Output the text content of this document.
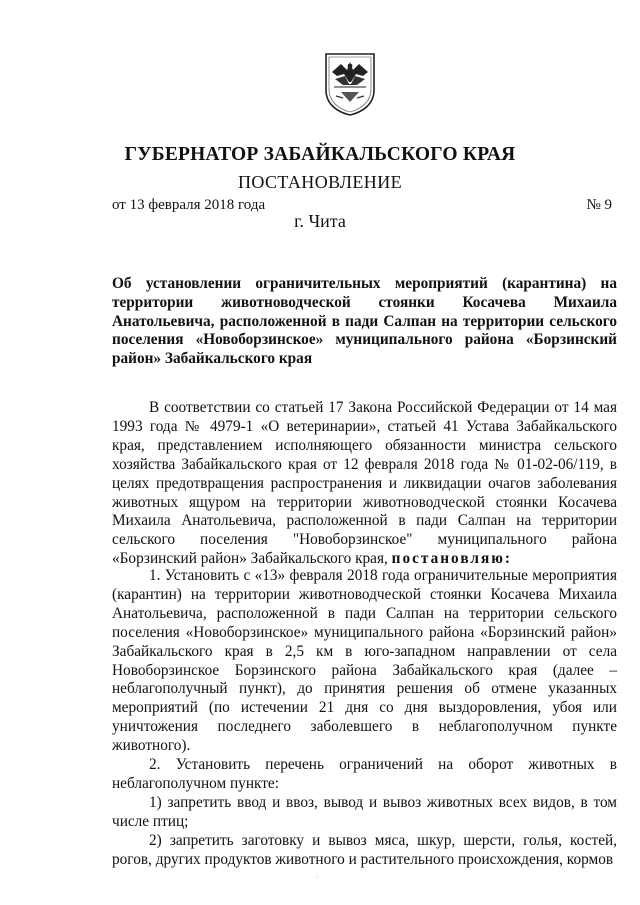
ГУБЕРНАТОР ЗАБАЙКАЛЬСКОГО КРАЯ
ПОСТАНОВЛЕНИЕ
от 13 февраля 2018 года	№ 9
г. Чита
Об установлении ограничительных мероприятий (карантина) на территории животноводческой стоянки Косачева Михаила Анатольевича, расположенной в пади Салпан на территории сельского поселения «Новоборзинское» муниципального района «Борзинский район» Забайкальского края

В соответствии со статьей 17 Закона Российской Федерации от 14 мая 1993 года № 4979-1 «О ветеринарии», статьей 41 Устава Забайкальского края, представлением исполняющего обязанности министра сельского хозяйства Забайкальского края от 12 февраля 2018 года № 01-02-06/119, в целях предотвращения распространения и ликвидации очагов заболевания животных ящуром на территории животноводческой стоянки Косачева Михаила Анатольевича, расположенной в пади Салпан на территории сельского поселения "Новоборзинское" муниципального района «Борзинский район» Забайкальского края, постановляю:

1. Установить с «13» февраля 2018 года ограничительные мероприятия (карантин) на территории животноводческой стоянки Косачева Михаила Анатольевича, расположенной в пади Салпан на территории сельского поселения «Новоборзинское» муниципального района «Борзинский район» Забайкальского края в 2,5 км в юго-западном направлении от села Новоборзинское Борзинского района Забайкальского края (далее – неблагополучный пункт), до принятия решения об отмене указанных мероприятий (по истечении 21 дня со дня выздоровления, убоя или уничтожения последнего заболевшего в неблагополучном пункте животного).

2. Установить перечень ограничений на оборот животных в неблагополучном пункте:

1) запретить ввод и ввоз, вывод и вывоз животных всех видов, в том числе птиц;

2) запретить заготовку и вывоз мяса, шкур, шерсти, голья, костей, рогов, других продуктов животного и растительного происхождения, кормов

·
